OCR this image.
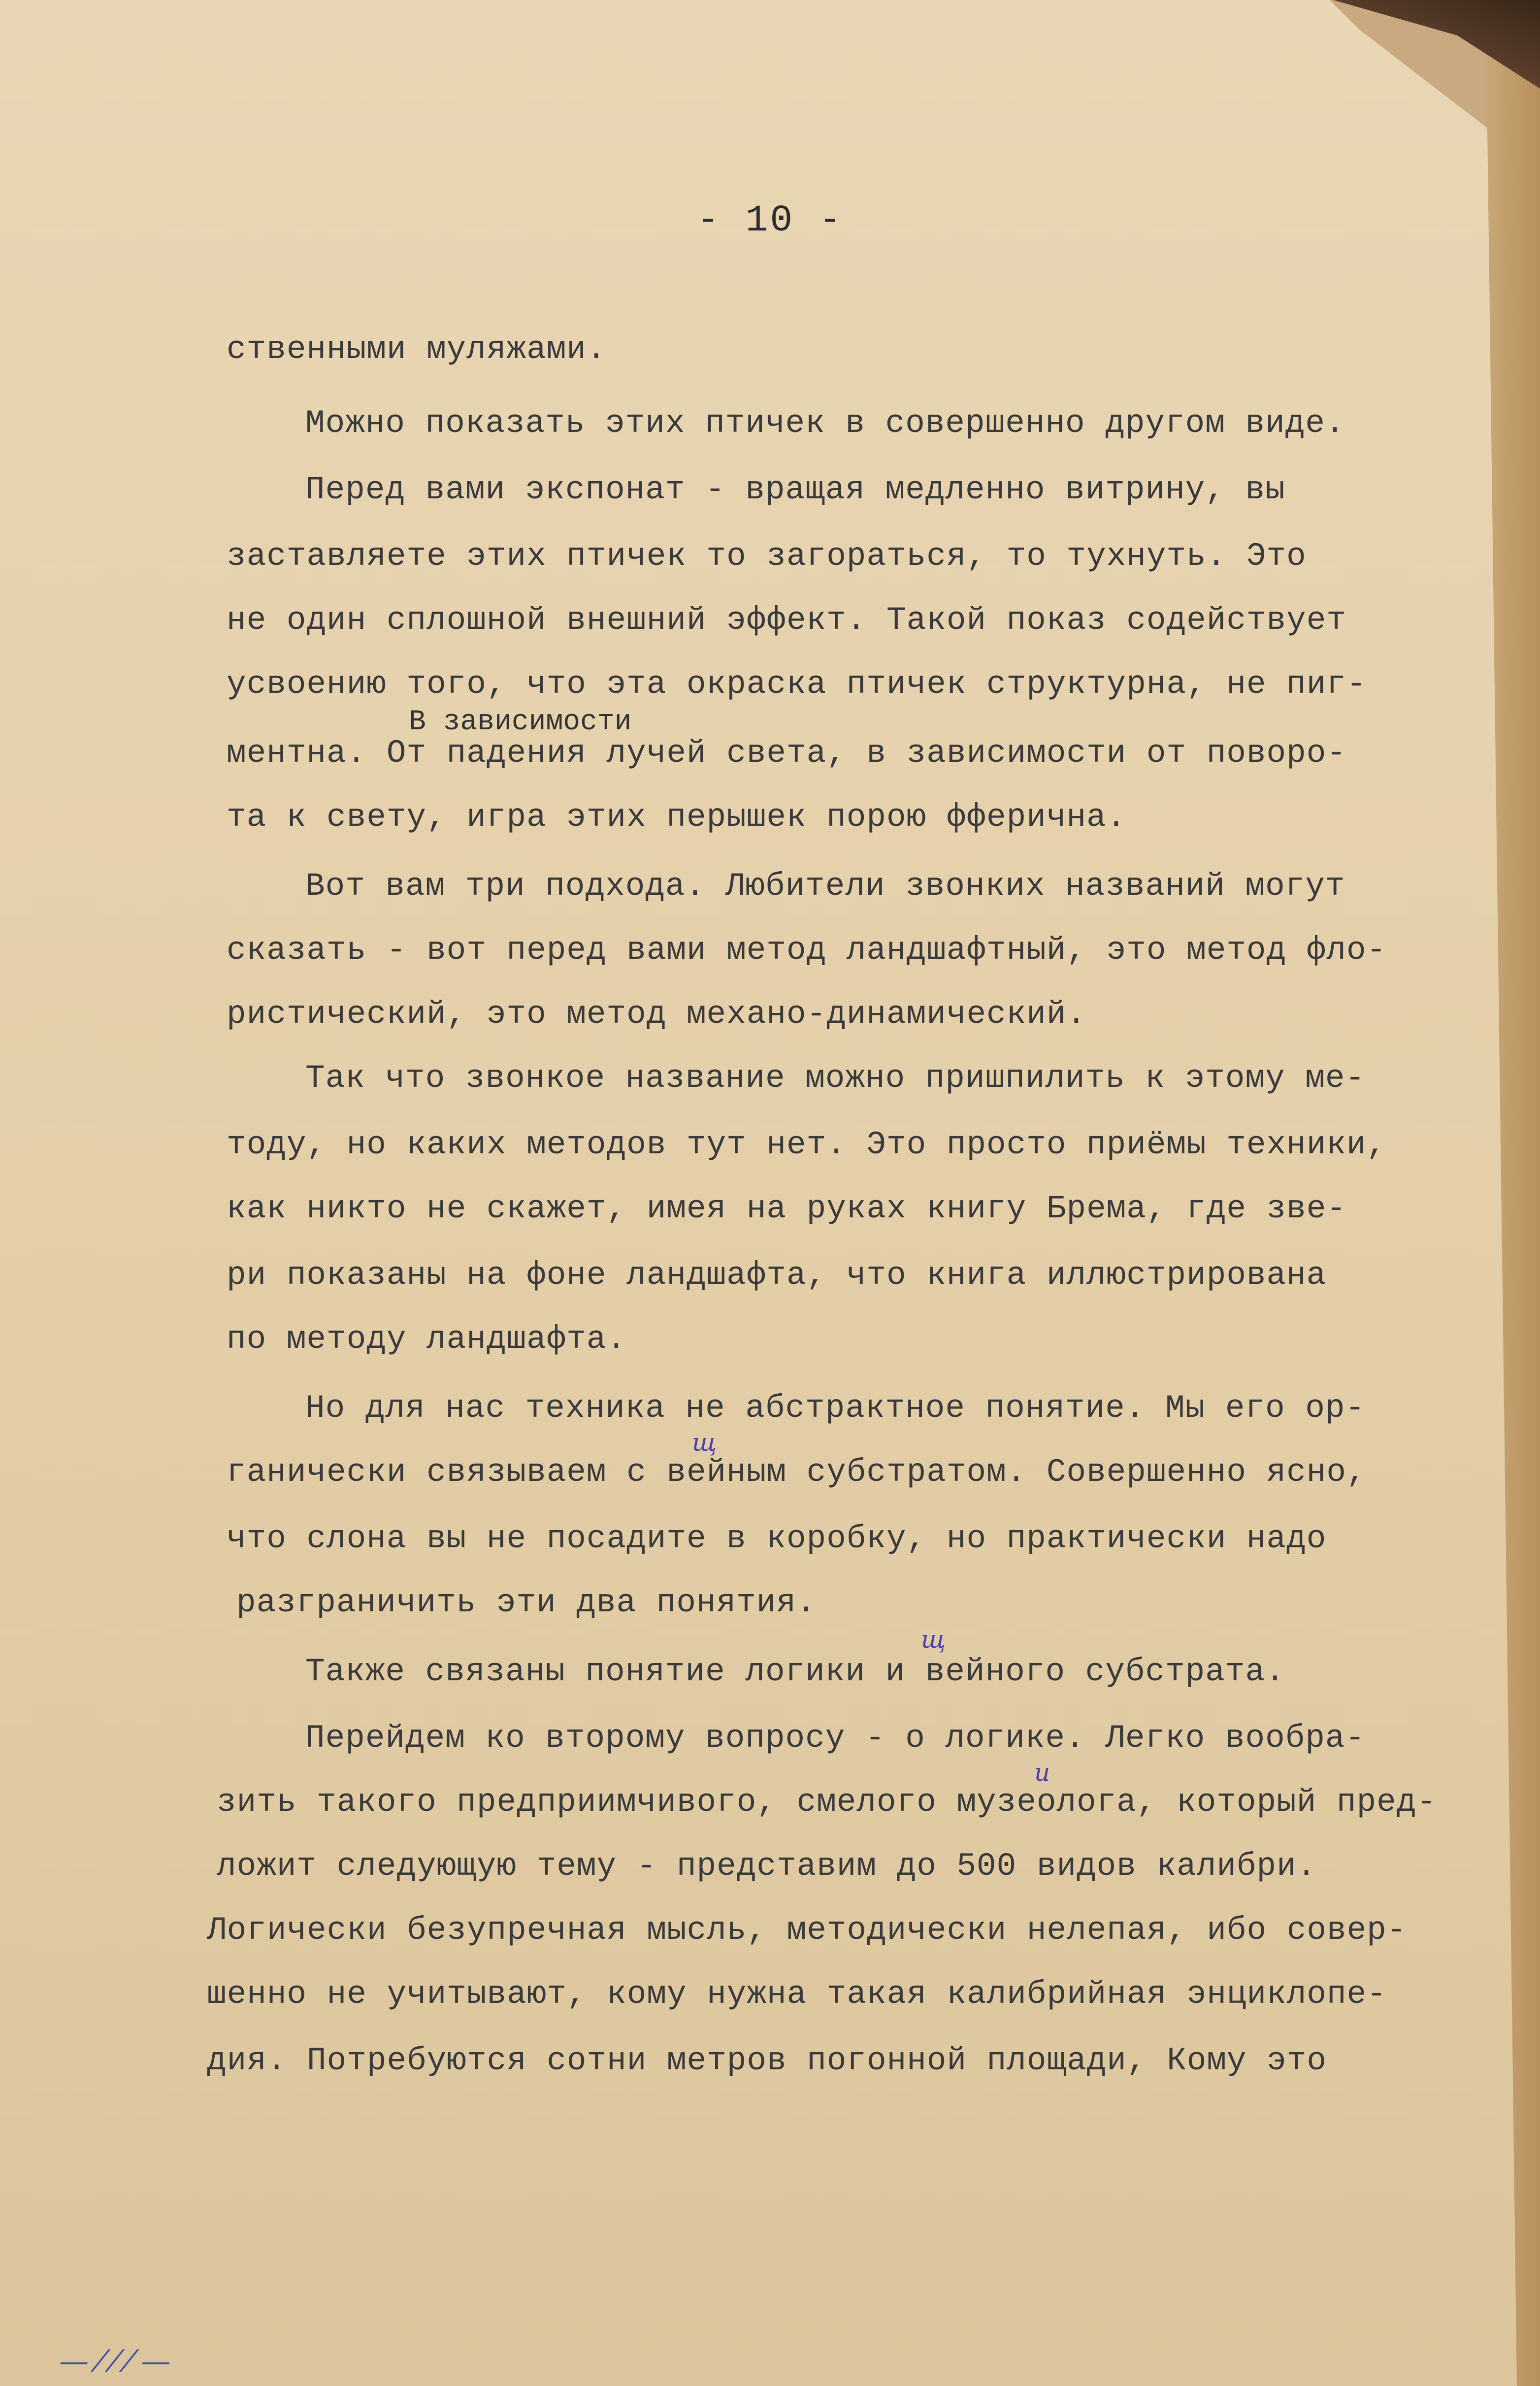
- 10 -
ственными муляжами.
Можно показать этих птичек в совершенно другом виде.
Перед вами экспонат - вращая медленно витрину, вы
заставляете этих птичек то загораться, то тухнуть. Это
не один сплошной внешний эффект. Такой показ содействует
усвоению того, что эта окраска птичек структурна, не пиг-
В зависимости
ментна. От падения лучей света, в зависимости от поворо-
та к свету, игра этих перышек порою фферична.
Вот вам три подхода. Любители звонких названий могут
сказать - вот перед вами метод ландшафтный, это метод фло-
ристический, это метод механо-динамический.
Так что звонкое название можно пришпилить к этому ме-
тоду, но каких методов тут нет. Это просто приёмы техники,
как никто не скажет, имея на руках книгу Брема, где зве-
ри показаны на фоне ландшафта, что книга иллюстрирована
по методу ландшафта.
Но для нас техника не абстрактное понятие. Мы его ор-
ганически связываем с вейным субстратом. Совершенно ясно,
что слона вы не посадите в коробку, но практически надо
разграничить эти два понятия.
Также связаны понятие логики и вейного субстрата.
Перейдем ко второму вопросу - о логике. Легко вообра-
зить такого предприимчивого, смелого музеолога, который пред-
ложит следующую тему - представим до 500 видов калибри.
Логически безупречная мысль, методически нелепая, ибо совер-
шенно не учитывают, кому нужна такая калибрийная энциклопе-
дия. Потребуются сотни метров погонной площади, Кому это
щ
щ
и
— ⁄ ⁄ ⁄ —
